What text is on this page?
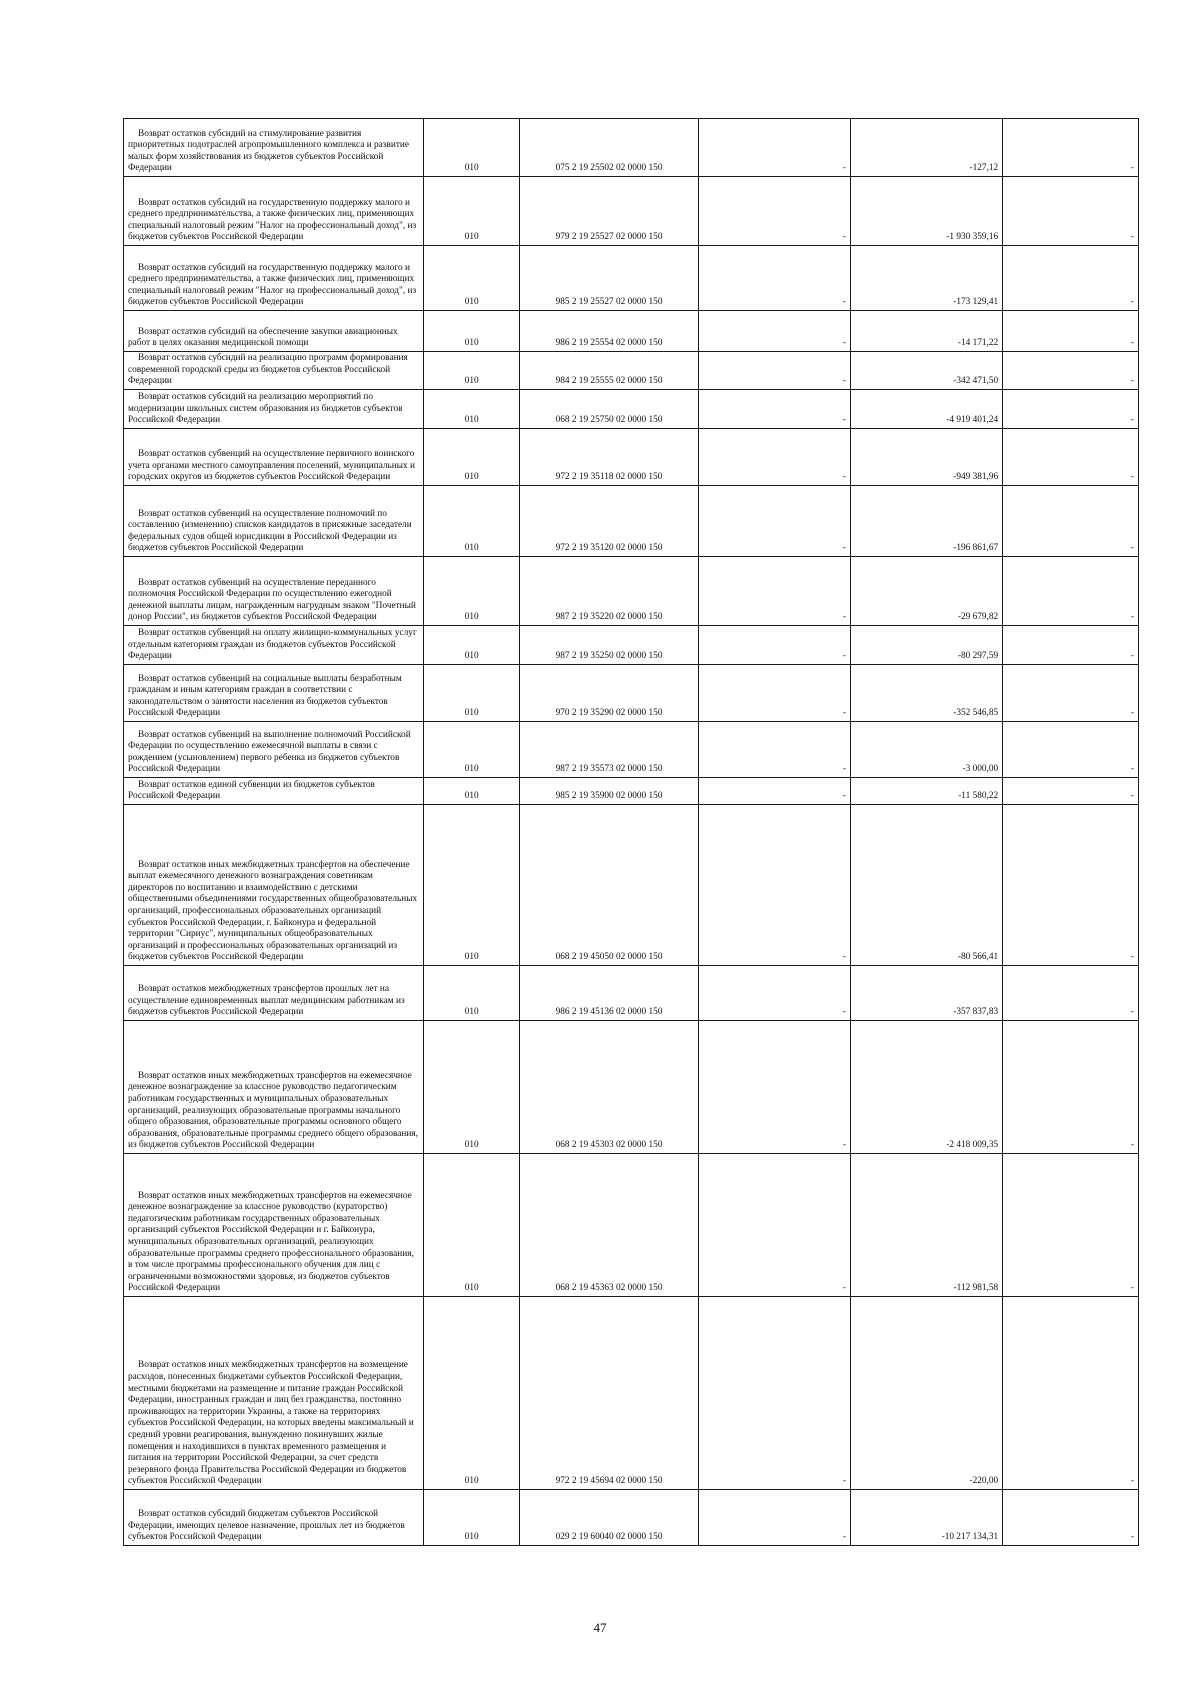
Возврат остатков субсидий на стимулирование развития приоритетных подотраслей агропромышленного комплекса и развитие малых форм хозяйствования из бюджетов субъектов Российской Федерации	010	075 2 19 25502 02 0000 150	-	-127,12	-

Возврат остатков субсидий на государственную поддержку малого и среднего предпринимательства, а также физических лиц, применяющих специальный налоговый режим "Налог на профессиональный доход", из бюджетов субъектов Российской Федерации	010	979 2 19 25527 02 0000 150	-	-1 930 359,16	-

Возврат остатков субсидий на государственную поддержку малого и среднего предпринимательства, а также физических лиц, применяющих специальный налоговый режим "Налог на профессиональный доход", из бюджетов субъектов Российской Федерации	010	985 2 19 25527 02 0000 150	-	-173 129,41	-

Возврат остатков субсидий на обеспечение закупки авиационных работ в целях оказания медицинской помощи	010	986 2 19 25554 02 0000 150	-	-14 171,22	-

Возврат остатков субсидий на реализацию программ формирования современной городской среды из бюджетов субъектов Российской Федерации	010	984 2 19 25555 02 0000 150	-	-342 471,50	-

Возврат остатков субсидий на реализацию мероприятий по модернизации школьных систем образования из бюджетов субъектов Российской Федерации	010	068 2 19 25750 02 0000 150	-	-4 919 401,24	-

Возврат остатков субвенций на осуществление первичного воинского учета органами местного самоуправления поселений, муниципальных и городских округов из бюджетов субъектов Российской Федерации	010	972 2 19 35118 02 0000 150	-	-949 381,96	-

Возврат остатков субвенций на осуществление полномочий по составлению (изменению) списков кандидатов в присяжные заседатели федеральных судов общей юрисдикции в Российской Федерации из бюджетов субъектов Российской Федерации	010	972 2 19 35120 02 0000 150	-	-196 861,67	-

Возврат остатков субвенций на осуществление переданного полномочия Российской Федерации по осуществлению ежегодной денежной выплаты лицам, награжденным нагрудным знаком "Почетный донор России", из бюджетов субъектов Российской Федерации	010	987 2 19 35220 02 0000 150	-	-29 679,82	-

Возврат остатков субвенций на оплату жилищно-коммунальных услуг отдельным категориям граждан из бюджетов субъектов Российской Федерации	010	987 2 19 35250 02 0000 150	-	-80 297,59	-

Возврат остатков субвенций на социальные выплаты безработным гражданам и иным категориям граждан в соответствии с законодательством о занятости населения из бюджетов субъектов Российской Федерации	010	970 2 19 35290 02 0000 150	-	-352 546,85	-

Возврат остатков субвенций на выполнение полномочий Российской Федерации по осуществлению ежемесячной выплаты в связи с рождением (усыновлением) первого ребенка из бюджетов субъектов Российской Федерации	010	987 2 19 35573 02 0000 150	-	-3 000,00	-

Возврат остатков единой субвенции из бюджетов субъектов Российской Федерации	010	985 2 19 35900 02 0000 150	-	-11 580,22	-

Возврат остатков иных межбюджетных трансфертов на обеспечение выплат ежемесячного денежного вознаграждения советникам директоров по воспитанию и взаимодействию с детскими общественными объединениями государственных общеобразовательных организаций, профессиональных образовательных организаций субъектов Российской Федерации, г. Байконура и федеральной территории "Сириус", муниципальных общеобразовательных организаций и профессиональных образовательных организаций из бюджетов субъектов Российской Федерации	010	068 2 19 45050 02 0000 150	-	-80 566,41	-

Возврат остатков межбюджетных трансфертов прошлых лет на осуществление единовременных выплат медицинским работникам из бюджетов субъектов Российской Федерации	010	986 2 19 45136 02 0000 150	-	-357 837,83	-

Возврат остатков иных межбюджетных трансфертов на ежемесячное денежное вознаграждение за классное руководство педагогическим работникам государственных и муниципальных образовательных организаций, реализующих образовательные программы начального общего образования, образовательные программы основного общего образования, образовательные программы среднего общего образования, из бюджетов субъектов Российской Федерации	010	068 2 19 45303 02 0000 150	-	-2 418 009,35	-

Возврат остатков иных межбюджетных трансфертов на ежемесячное денежное вознаграждение за классное руководство (кураторство) педагогическим работникам государственных образовательных организаций субъектов Российской Федерации и г. Байконура, муниципальных образовательных организаций, реализующих образовательные программы среднего профессионального образования, в том числе программы профессионального обучения для лиц с ограниченными возможностями здоровья, из бюджетов субъектов Российской Федерации	010	068 2 19 45363 02 0000 150	-	-112 981,58	-

Возврат остатков иных межбюджетных трансфертов на возмещение расходов, понесенных бюджетами субъектов Российской Федерации, местными бюджетами на размещение и питание граждан Российской Федерации, иностранных граждан и лиц без гражданства, постоянно проживающих на территории Украины, а также на территориях субъектов Российской Федерации, на которых введены максимальный и средний уровни реагирования, вынужденно покинувших жилые помещения и находившихся в пунктах временного размещения и питания на территории Российской Федерации, за счет средств резервного фонда Правительства Российской Федерации из бюджетов субъектов Российской Федерации	010	972 2 19 45694 02 0000 150	-	-220,00	-

Возврат остатков субсидий бюджетам субъектов Российской Федерации, имеющих целевое назначение, прошлых лет из бюджетов субъектов Российской Федерации	010	029 2 19 60040 02 0000 150	-	-10 217 134,31	-
47
